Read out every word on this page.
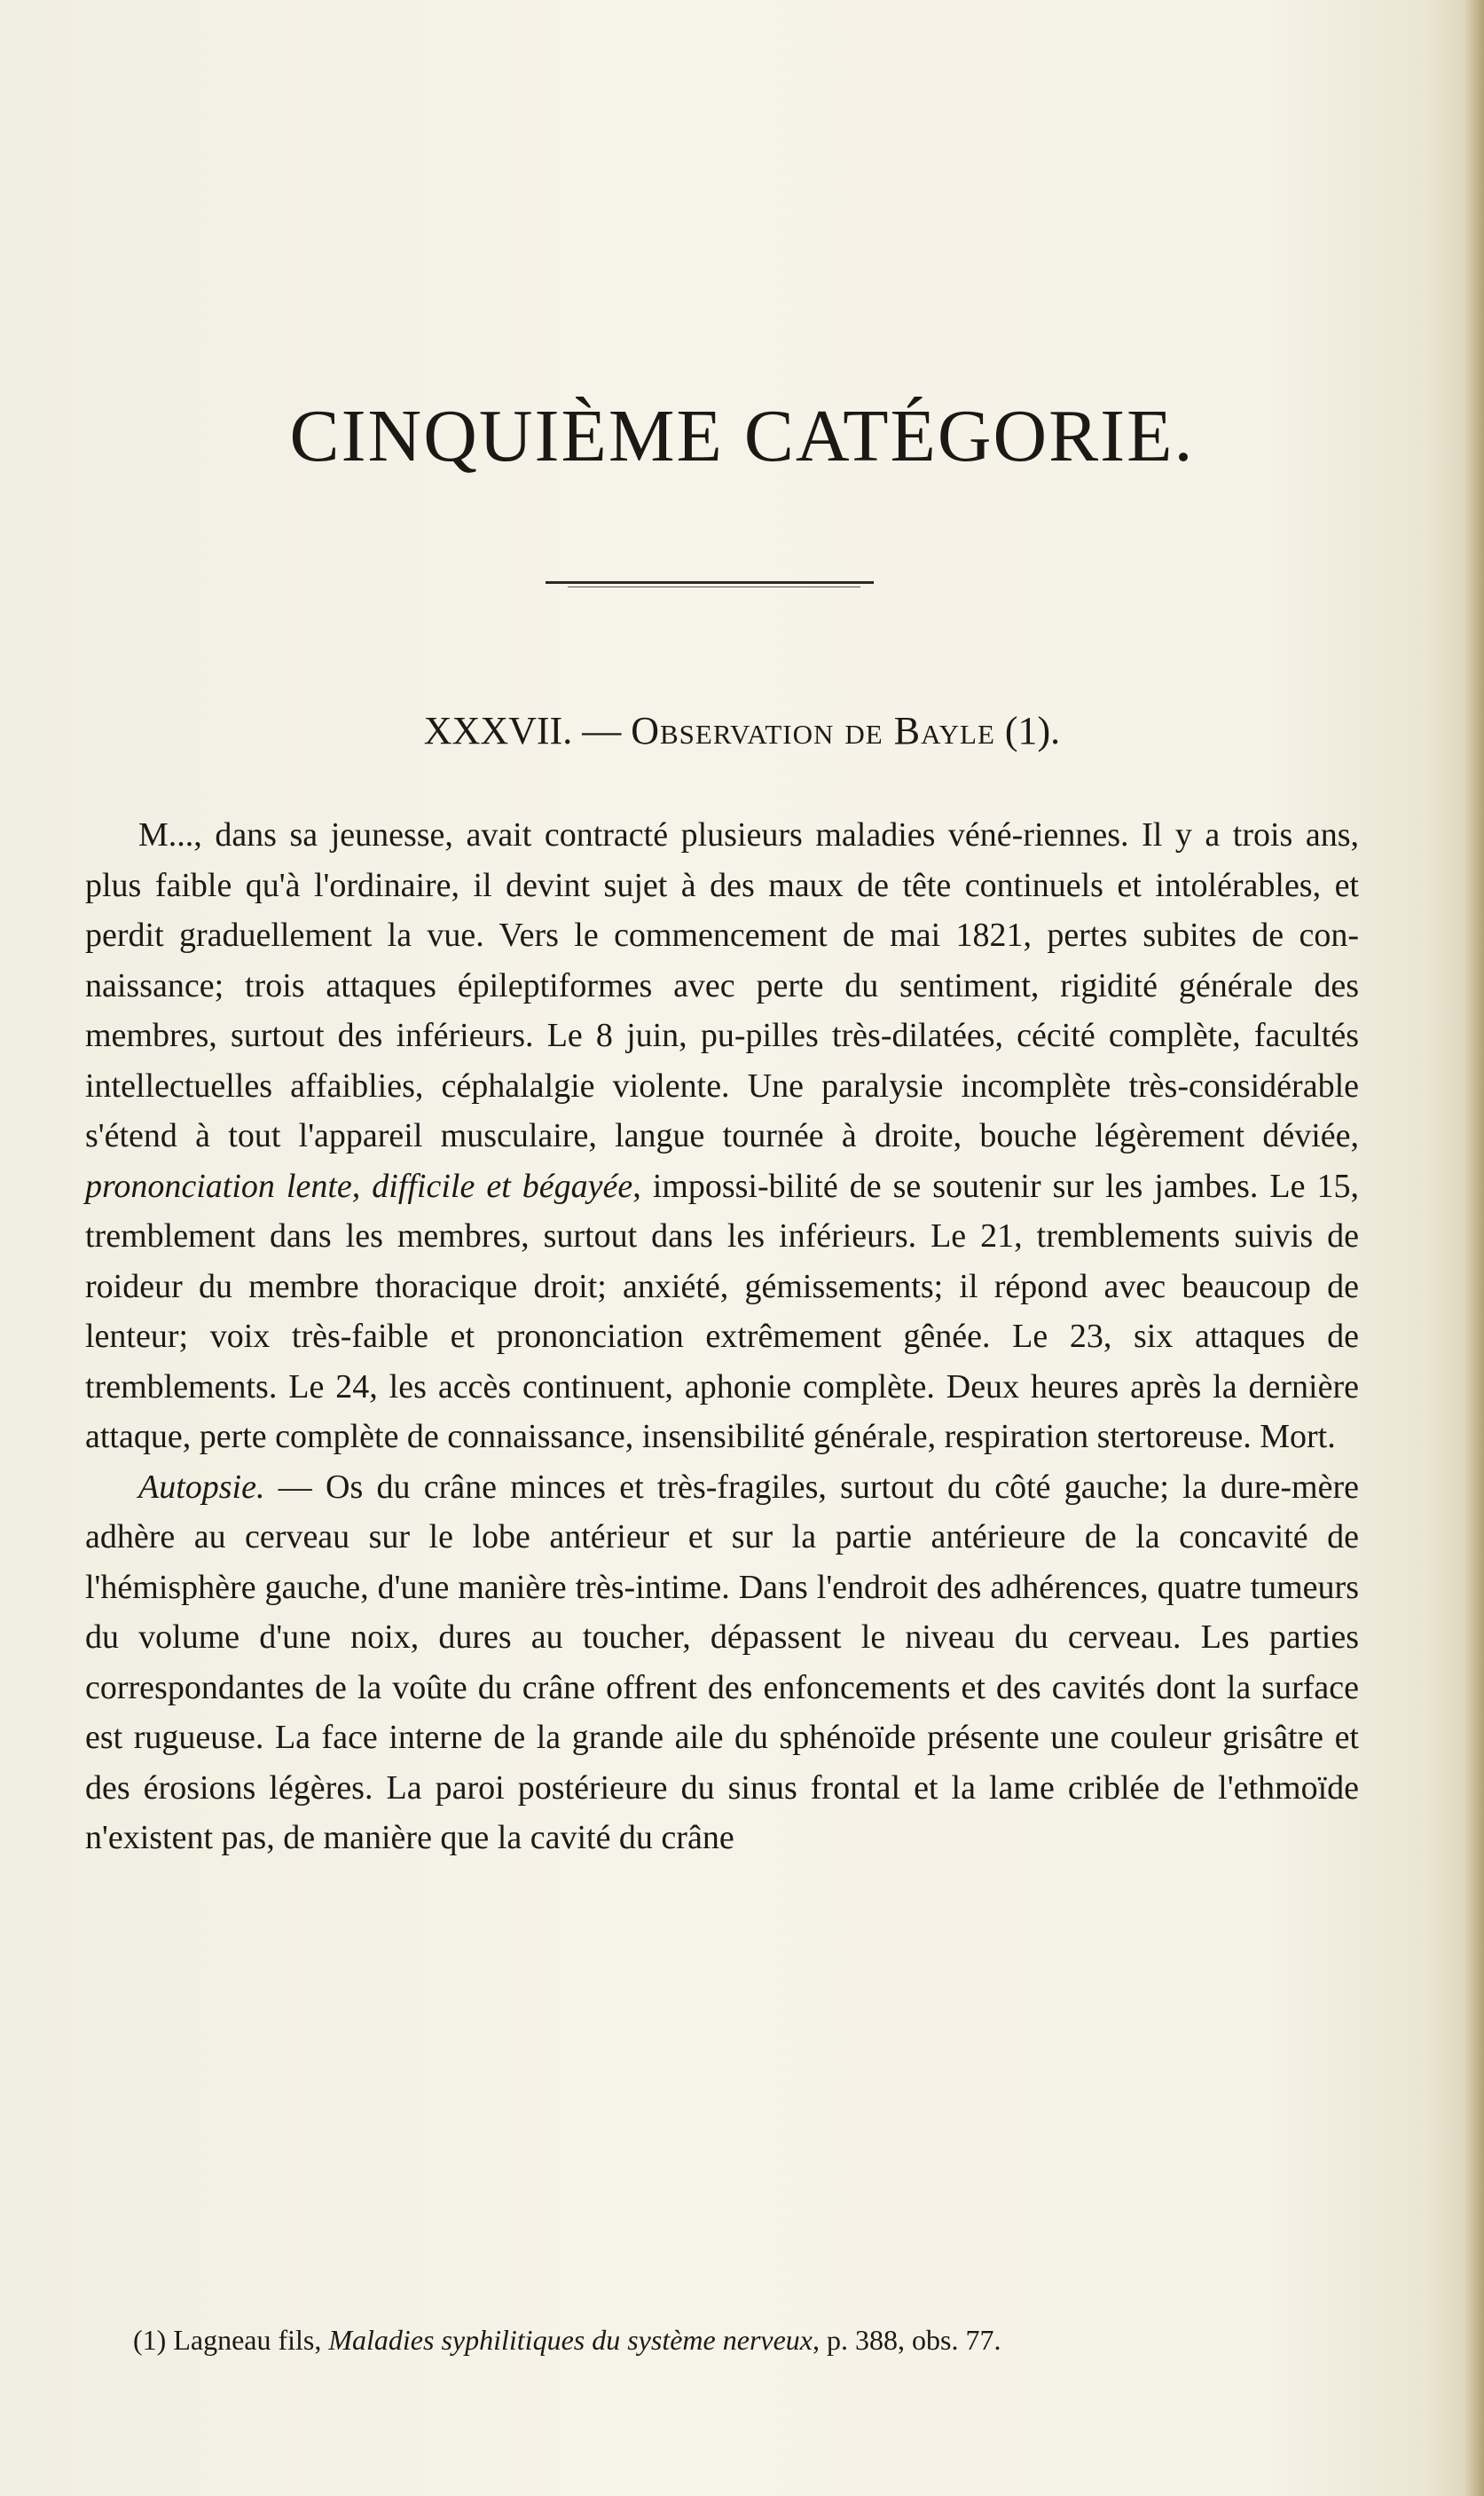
CINQUIÈME CATÉGORIE.
XXXVII. — Observation de Bayle (1).

M..., dans sa jeunesse, avait contracté plusieurs maladies véné-riennes. Il y a trois ans, plus faible qu'à l'ordinaire, il devint sujet à des maux de tête continuels et intolérables, et perdit graduellement la vue. Vers le commencement de mai 1821, pertes subites de con-naissance; trois attaques épileptiformes avec perte du sentiment, rigidité générale des membres, surtout des inférieurs. Le 8 juin, pu-pilles très-dilatées, cécité complète, facultés intellectuelles affaiblies, céphalalgie violente. Une paralysie incomplète très-considérable s'étend à tout l'appareil musculaire, langue tournée à droite, bouche légèrement déviée, prononciation lente, difficile et bégayée, impossi-bilité de se soutenir sur les jambes. Le 15, tremblement dans les membres, surtout dans les inférieurs. Le 21, tremblements suivis de roideur du membre thoracique droit; anxiété, gémissements; il répond avec beaucoup de lenteur; voix très-faible et prononciation extrêmement gênée. Le 23, six attaques de tremblements. Le 24, les accès continuent, aphonie complète. Deux heures après la dernière attaque, perte complète de connaissance, insensibilité générale, respiration stertoreuse. Mort.

Autopsie. — Os du crâne minces et très-fragiles, surtout du côté gauche; la dure-mère adhère au cerveau sur le lobe antérieur et sur la partie antérieure de la concavité de l'hémisphère gauche, d'une manière très-intime. Dans l'endroit des adhérences, quatre tumeurs du volume d'une noix, dures au toucher, dépassent le niveau du cerveau. Les parties correspondantes de la voûte du crâne offrent des enfoncements et des cavités dont la surface est rugueuse. La face interne de la grande aile du sphénoïde présente une couleur grisâtre et des érosions légères. La paroi postérieure du sinus frontal et la lame criblée de l'ethmoïde n'existent pas, de manière que la cavité du crâne

(1) Lagneau fils, Maladies syphilitiques du système nerveux, p. 388, obs. 77.
